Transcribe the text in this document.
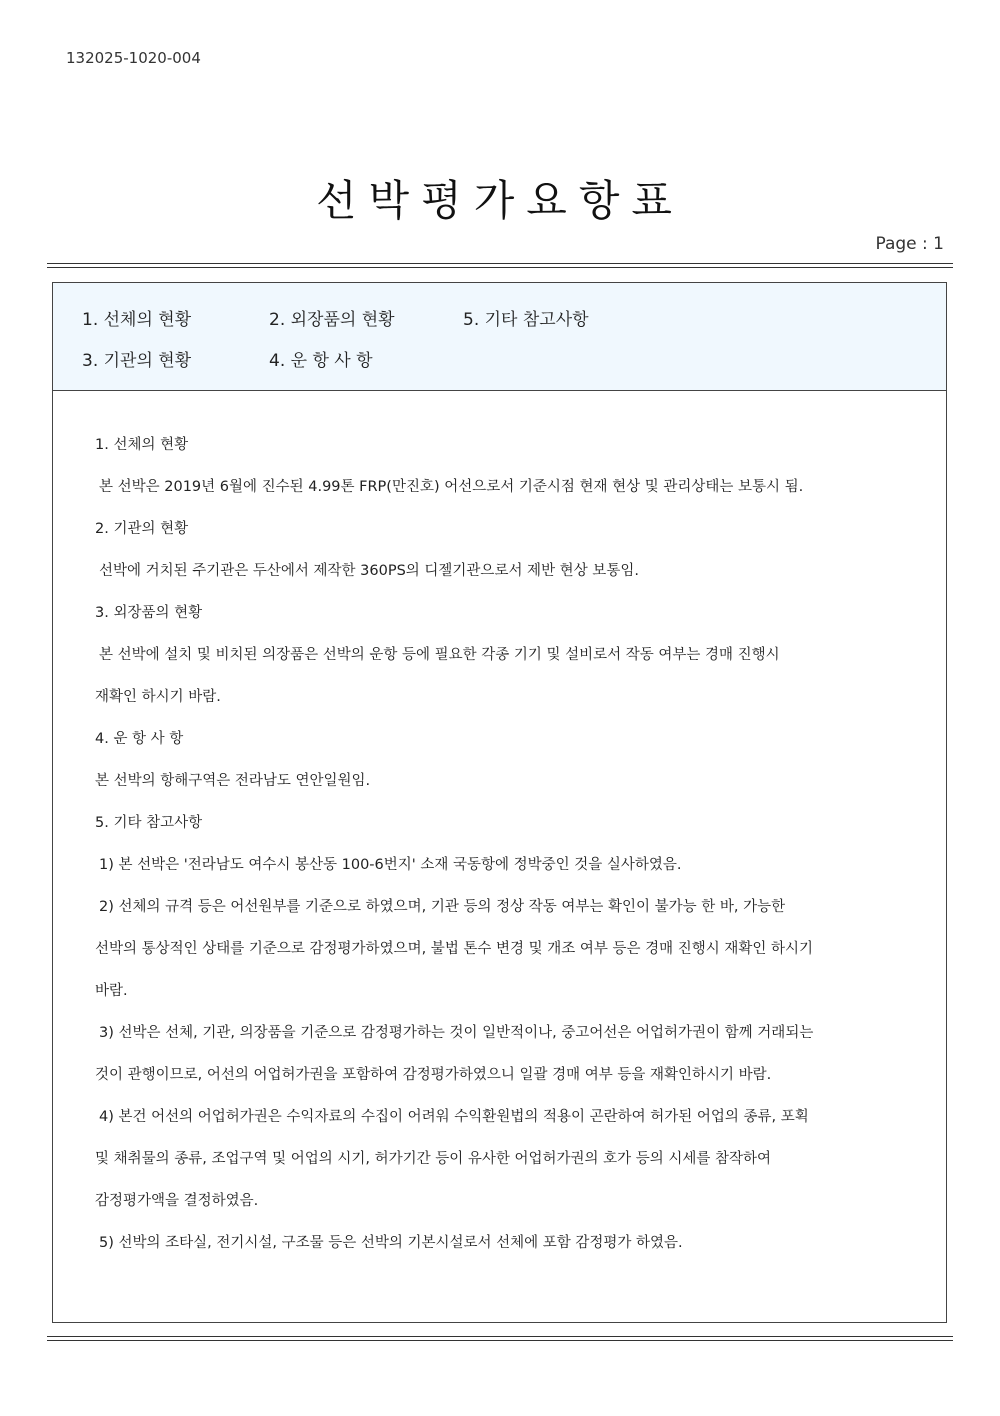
132025-1020-004
선박평가요항표
Page : 1
1. 선체의 현황	2. 외장품의 현황	5. 기타 참고사항
3. 기관의 현황	4. 운 항 사 항
1. 선체의 현황
본 선박은 2019년 6월에 진수된 4.99톤 FRP(만진호) 어선으로서 기준시점 현재 현상 및 관리상태는 보통시 됨.
2. 기관의 현황
선박에 거치된 주기관은 두산에서 제작한 360PS의 디젤기관으로서 제반 현상 보통임.
3. 외장품의 현황
본 선박에 설치 및 비치된 의장품은 선박의 운항 등에 필요한 각종 기기 및 설비로서 작동 여부는 경매 진행시
재확인 하시기 바람.
4. 운 항 사 항
본 선박의 항해구역은 전라남도 연안일원임.
5. 기타 참고사항
1) 본 선박은 '전라남도 여수시 봉산동 100-6번지' 소재 국동항에 정박중인 것을 실사하였음.
2) 선체의 규격 등은 어선원부를 기준으로 하였으며, 기관 등의 정상 작동 여부는 확인이 불가능 한 바, 가능한
선박의 통상적인 상태를 기준으로 감정평가하였으며, 불법 톤수 변경 및 개조 여부 등은 경매 진행시 재확인 하시기
바람.
3) 선박은 선체, 기관, 의장품을 기준으로 감정평가하는 것이 일반적이나, 중고어선은 어업허가권이 함께 거래되는
것이 관행이므로, 어선의 어업허가권을 포함하여 감정평가하였으니 일괄 경매 여부 등을 재확인하시기 바람.
4) 본건 어선의 어업허가권은 수익자료의 수집이 어려워 수익환원법의 적용이 곤란하여 허가된 어업의 종류, 포획
및 채취물의 종류, 조업구역 및 어업의 시기, 허가기간 등이 유사한 어업허가권의 호가 등의 시세를 참작하여
감정평가액을 결정하였음.
5) 선박의 조타실, 전기시설, 구조물 등은 선박의 기본시설로서 선체에 포함 감정평가 하였음.
